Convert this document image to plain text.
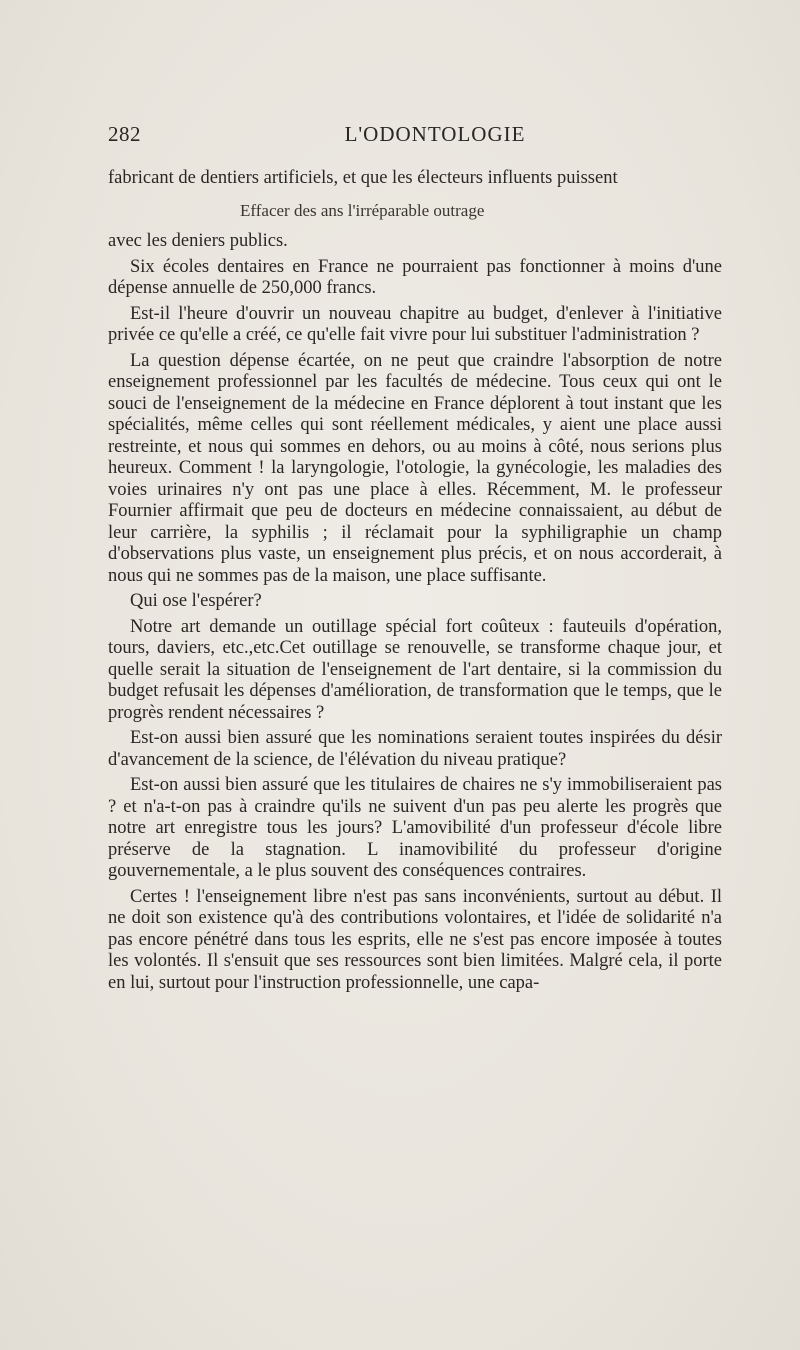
282	L'ODONTOLOGIE

fabricant de dentiers artificiels, et que les électeurs influents puissent

Effacer des ans l'irréparable outrage

avec les deniers publics.

Six écoles dentaires en France ne pourraient pas fonctionner à moins d'une dépense annuelle de 250,000 francs.

Est-il l'heure d'ouvrir un nouveau chapitre au budget, d'enlever à l'initiative privée ce qu'elle a créé, ce qu'elle fait vivre pour lui substituer l'administration ?

La question dépense écartée, on ne peut que craindre l'absorption de notre enseignement professionnel par les facultés de médecine. Tous ceux qui ont le souci de l'enseignement de la médecine en France déplorent à tout instant que les spécialités, même celles qui sont réellement médicales, y aient une place aussi restreinte, et nous qui sommes en dehors, ou au moins à côté, nous serions plus heureux. Comment ! la laryngologie, l'otologie, la gynécologie, les maladies des voies urinaires n'y ont pas une place à elles. Récemment, M. le professeur Fournier affirmait que peu de docteurs en médecine connaissaient, au début de leur carrière, la syphilis ; il réclamait pour la syphiligraphie un champ d'observations plus vaste, un enseignement plus précis, et on nous accorderait, à nous qui ne sommes pas de la maison, une place suffisante.

Qui ose l'espérer?

Notre art demande un outillage spécial fort coûteux : fauteuils d'opération, tours, daviers, etc.,etc.Cet outillage se renouvelle, se transforme chaque jour, et quelle serait la situation de l'enseignement de l'art dentaire, si la commission du budget refusait les dépenses d'amélioration, de transformation que le temps, que le progrès rendent nécessaires ?

Est-on aussi bien assuré que les nominations seraient toutes inspirées du désir d'avancement de la science, de l'élévation du niveau pratique?

Est-on aussi bien assuré que les titulaires de chaires ne s'y immobiliseraient pas ? et n'a-t-on pas à craindre qu'ils ne suivent d'un pas peu alerte les progrès que notre art enregistre tous les jours? L'amovibilité d'un professeur d'école libre préserve de la stagnation. L inamovibilité du professeur d'origine gouvernementale, a le plus souvent des conséquences contraires.

Certes ! l'enseignement libre n'est pas sans inconvénients, surtout au début. Il ne doit son existence qu'à des contributions volontaires, et l'idée de solidarité n'a pas encore pénétré dans tous les esprits, elle ne s'est pas encore imposée à toutes les volontés. Il s'ensuit que ses ressources sont bien limitées. Malgré cela, il porte en lui, surtout pour l'instruction professionnelle, une capa-
